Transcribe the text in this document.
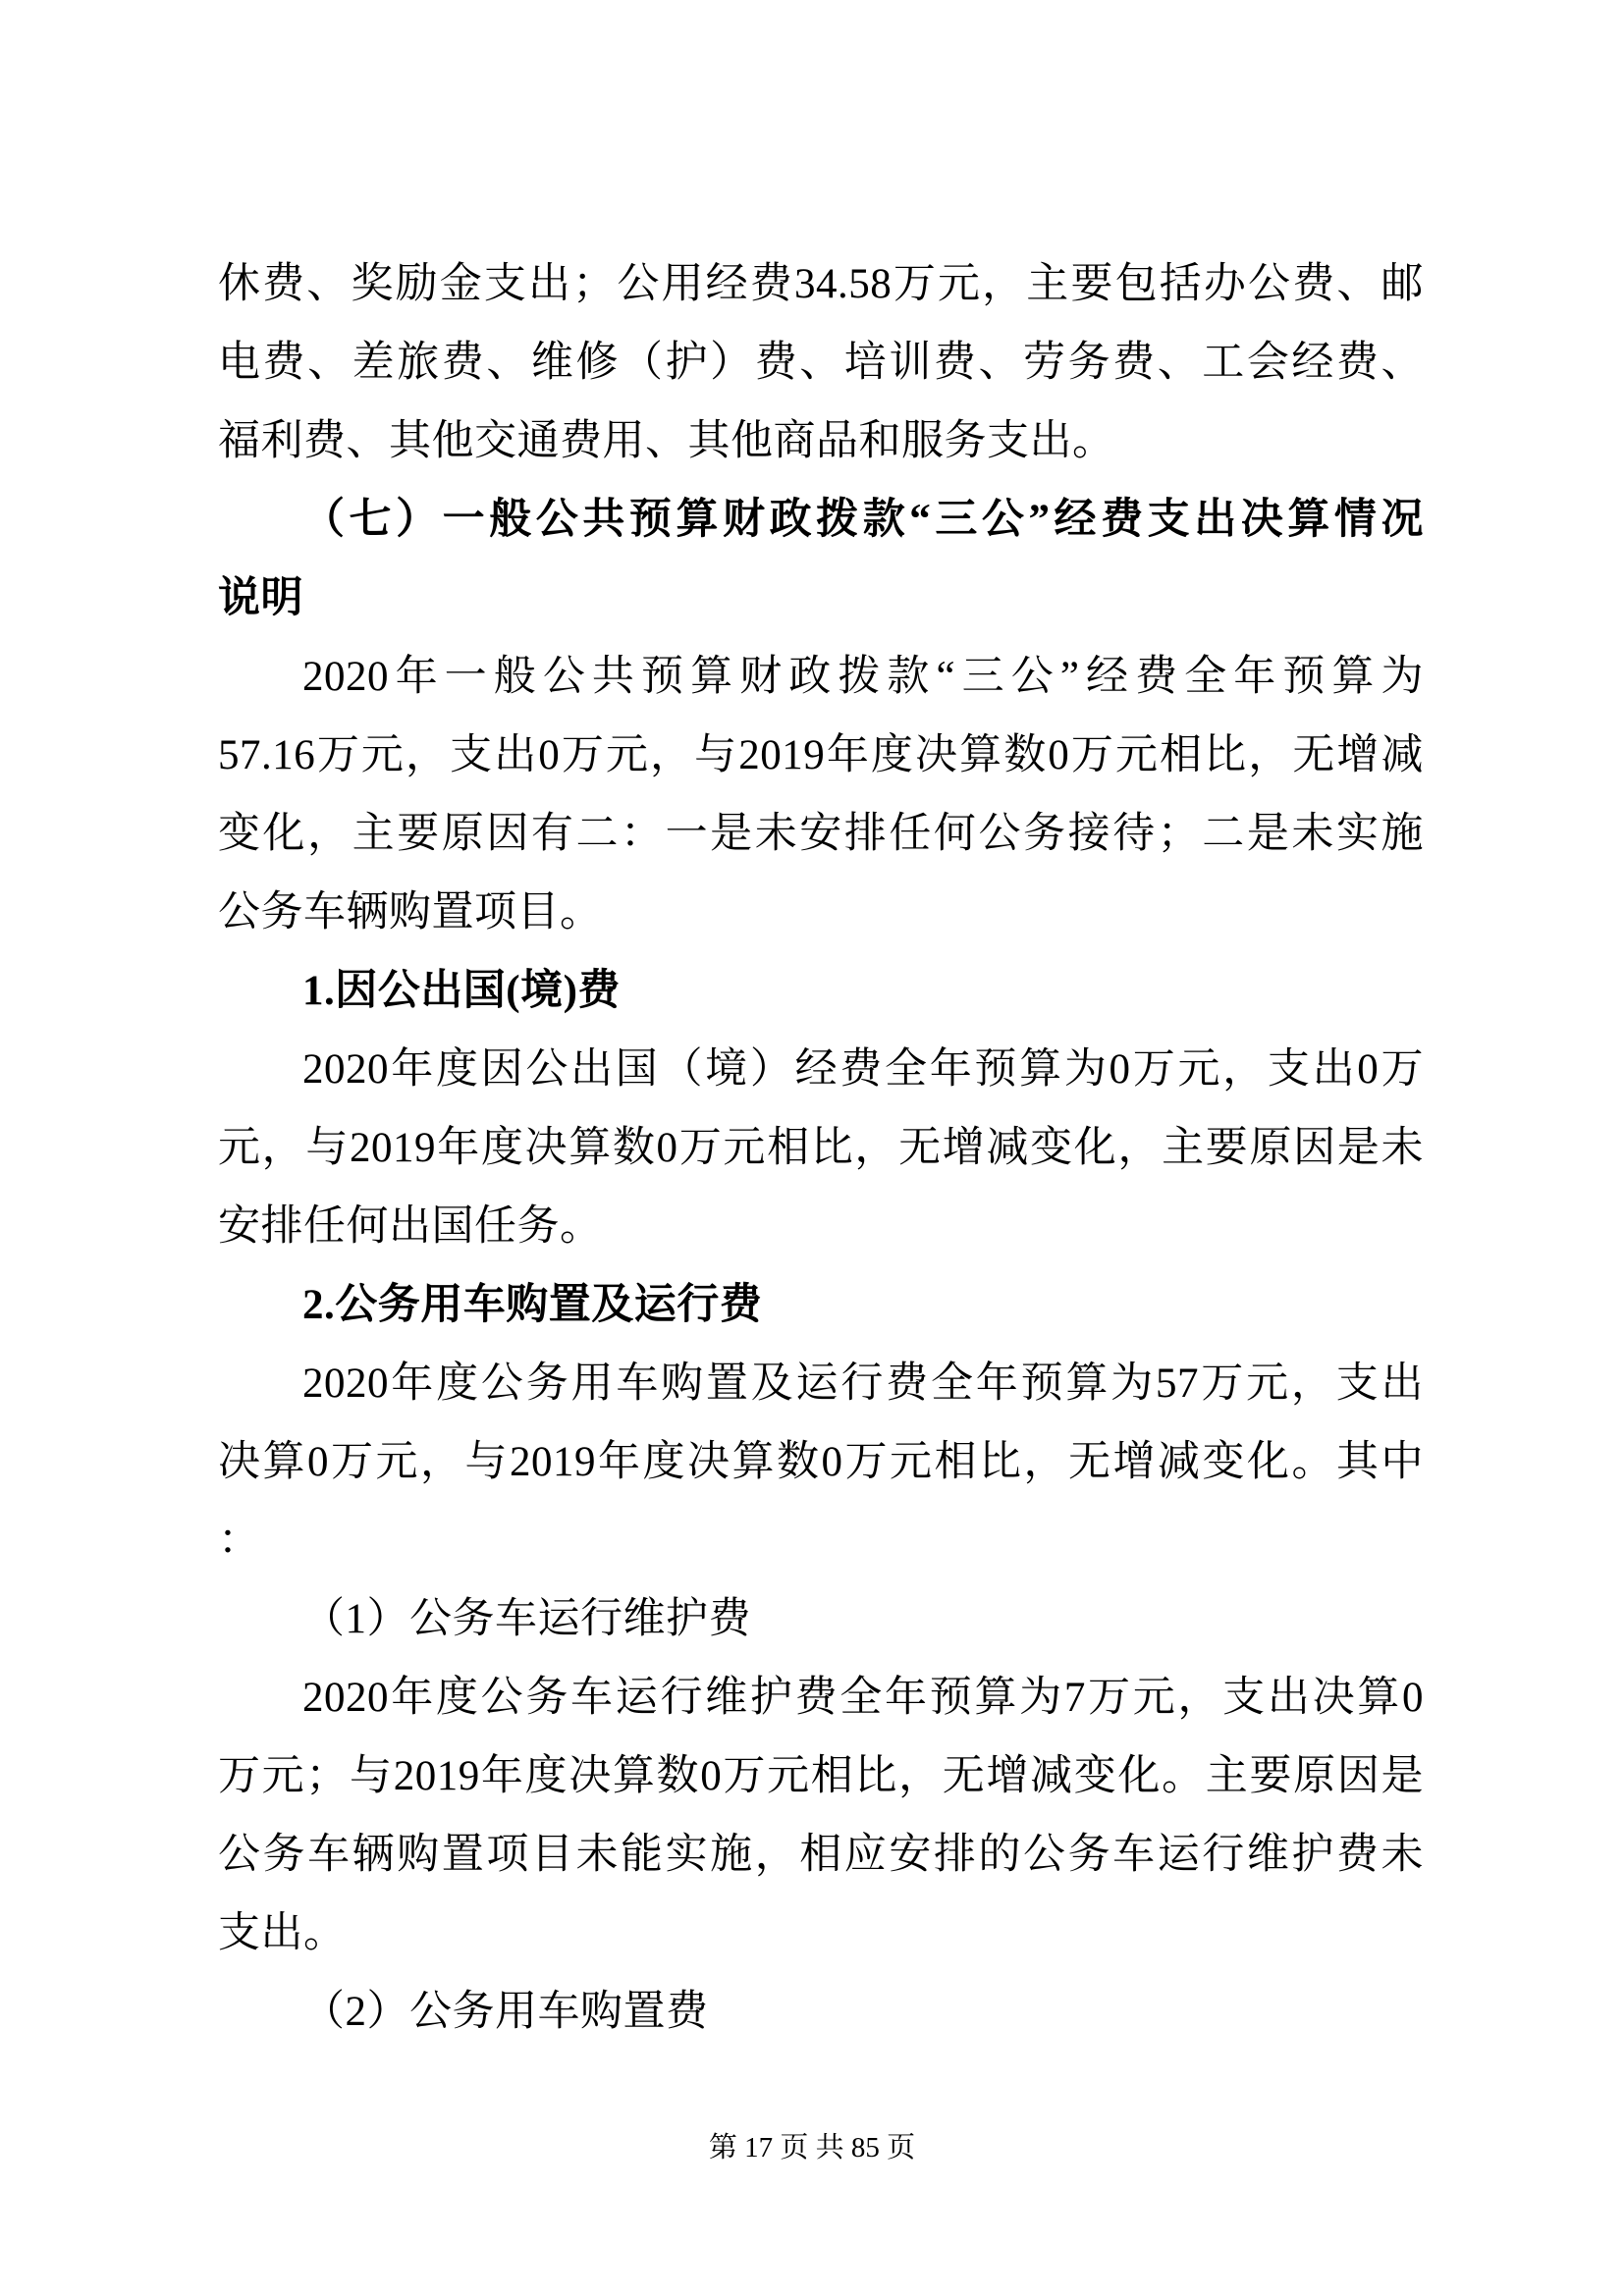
休费、奖励金支出；公用经费34.58万元，主要包括办公费、邮
电费、差旅费、维修（护）费、培训费、劳务费、工会经费、
福利费、其他交通费用、其他商品和服务支出。
（七）一般公共预算财政拨款“三公”经费支出决算情况
说明
2020年一般公共预算财政拨款“三公”经费全年预算为
57.16万元，支出0万元，与2019年度决算数0万元相比，无增减
变化，主要原因有二：一是未安排任何公务接待；二是未实施
公务车辆购置项目。
1.因公出国(境)费
2020年度因公出国（境）经费全年预算为0万元，支出0万
元，与2019年度决算数0万元相比，无增减变化，主要原因是未
安排任何出国任务。
2.公务用车购置及运行费
2020年度公务用车购置及运行费全年预算为57万元，支出
决算0万元，与2019年度决算数0万元相比，无增减变化。其中
：
（1）公务车运行维护费
2020年度公务车运行维护费全年预算为7万元，支出决算0
万元；与2019年度决算数0万元相比，无增减变化。主要原因是
公务车辆购置项目未能实施，相应安排的公务车运行维护费未
支出。
（2）公务用车购置费
第 17 页 共 85 页
